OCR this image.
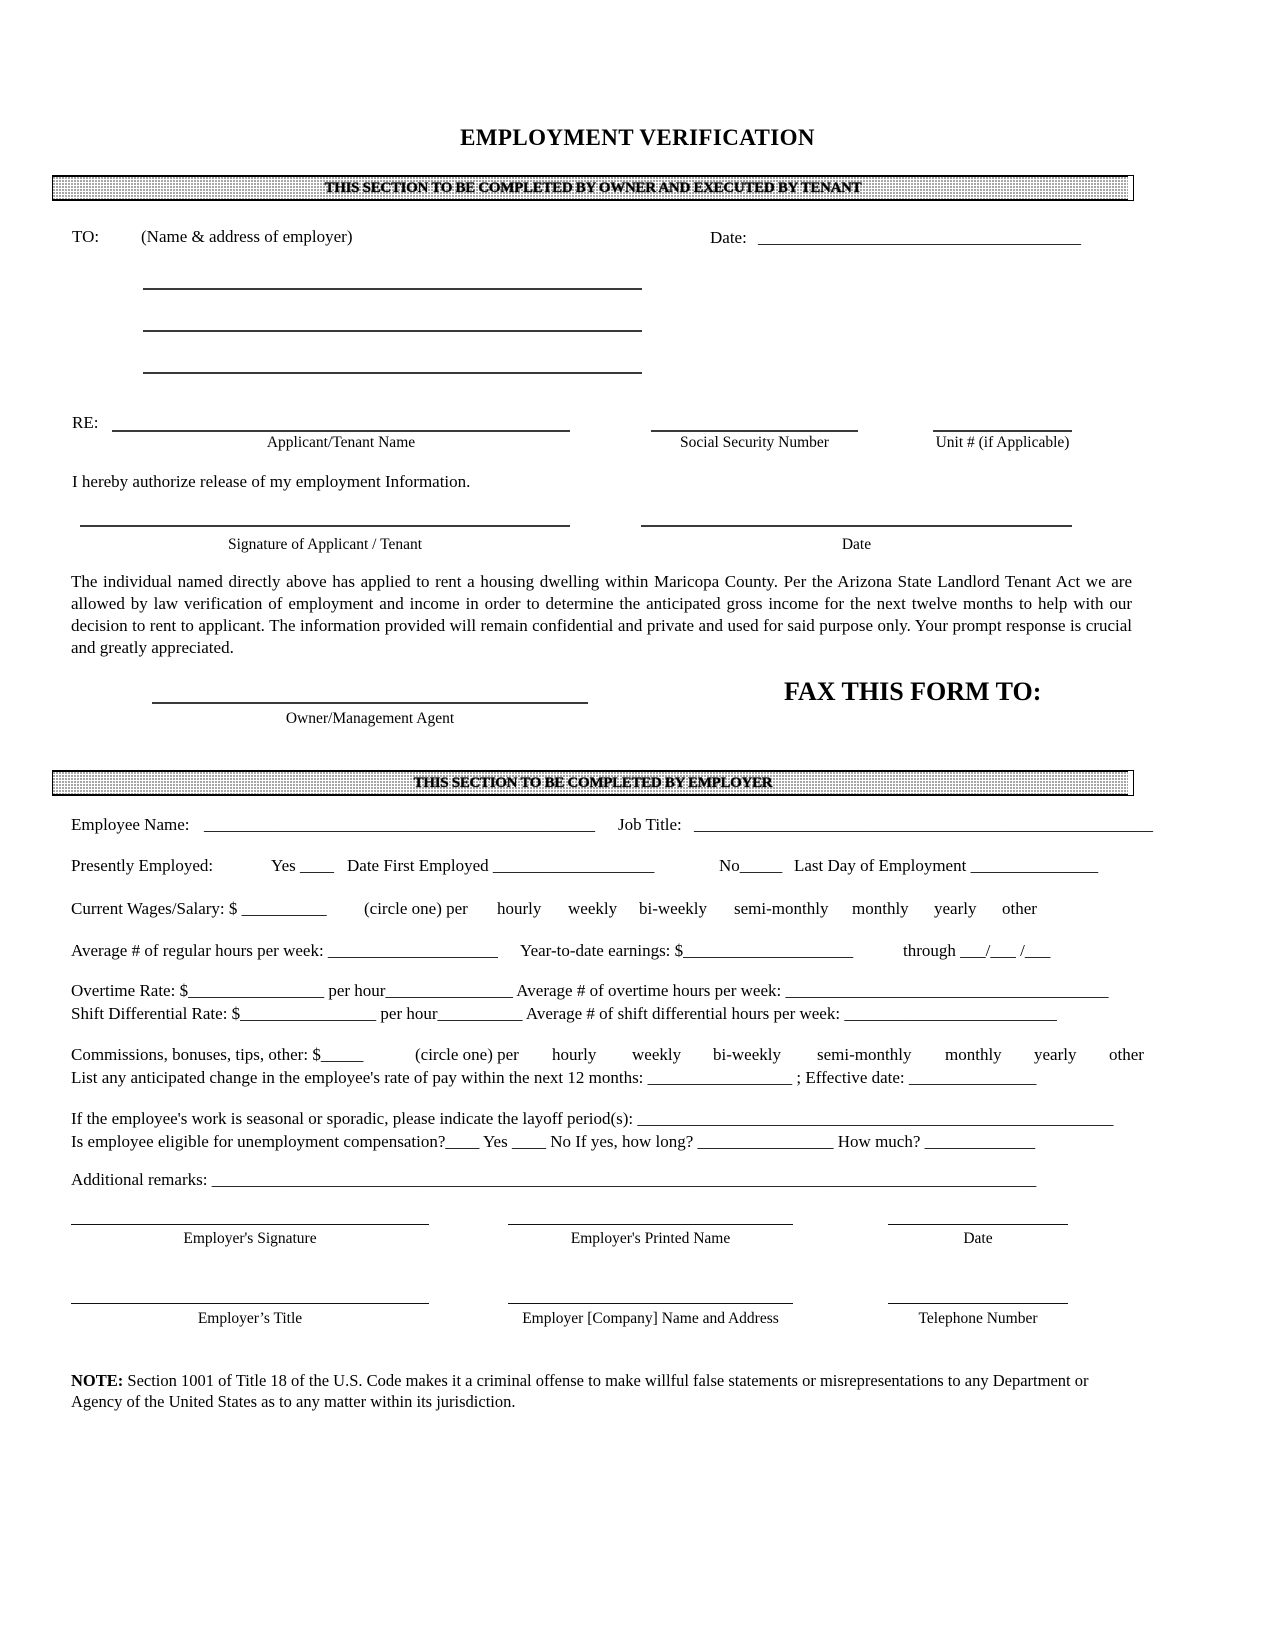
EMPLOYMENT VERIFICATION
THIS SECTION TO BE COMPLETED BY OWNER AND EXECUTED BY TENANT
TO: (Name & address of employer)	Date: ______________________________________
RE:
Applicant/Tenant Name	Social Security Number	Unit # (if Applicable)
I hereby authorize release of my employment Information.
Signature of Applicant / Tenant	Date
The individual named directly above has applied to rent a housing dwelling within Maricopa County. Per the Arizona State Landlord Tenant Act we are allowed by law verification of employment and income in order to determine the anticipated gross income for the next twelve months to help with our decision to rent to applicant. The information provided will remain confidential and private and used for said purpose only. Your prompt response is crucial and greatly appreciated.
Owner/Management Agent
FAX THIS FORM TO:
THIS SECTION TO BE COMPLETED BY EMPLOYER
Employee Name: ______________________________________________ Job Title: ______________________________________________________
Presently Employed:	Yes ____ Date First Employed ___________________	No_____ Last Day of Employment _______________
Current Wages/Salary: $ __________ (circle one) per hourly weekly bi-weekly semi-monthly monthly yearly other
Average # of regular hours per week: ____________________ Year-to-date earnings: $____________________	through ___/___ /___
Overtime Rate: $________________ per hour_______________ Average # of overtime hours per week: ______________________________________
Shift Differential Rate: $________________ per hour__________ Average # of shift differential hours per week: _________________________
Commissions, bonuses, tips, other: $_____	(circle one) per hourly weekly bi-weekly semi-monthly monthly yearly other
List any anticipated change in the employee's rate of pay within the next 12 months: _________________ ; Effective date: _______________
If the employee's work is seasonal or sporadic, please indicate the layoff period(s): ________________________________________________________
Is employee eligible for unemployment compensation?____ Yes ____ No If yes, how long? ________________ How much? _____________
Additional remarks: _________________________________________________________________________________________________
Employer's Signature	Employer's Printed Name	Date
Employer’s Title	Employer [Company] Name and Address	Telephone Number
NOTE: Section 1001 of Title 18 of the U.S. Code makes it a criminal offense to make willful false statements or misrepresentations to any Department or Agency of the United States as to any matter within its jurisdiction.
